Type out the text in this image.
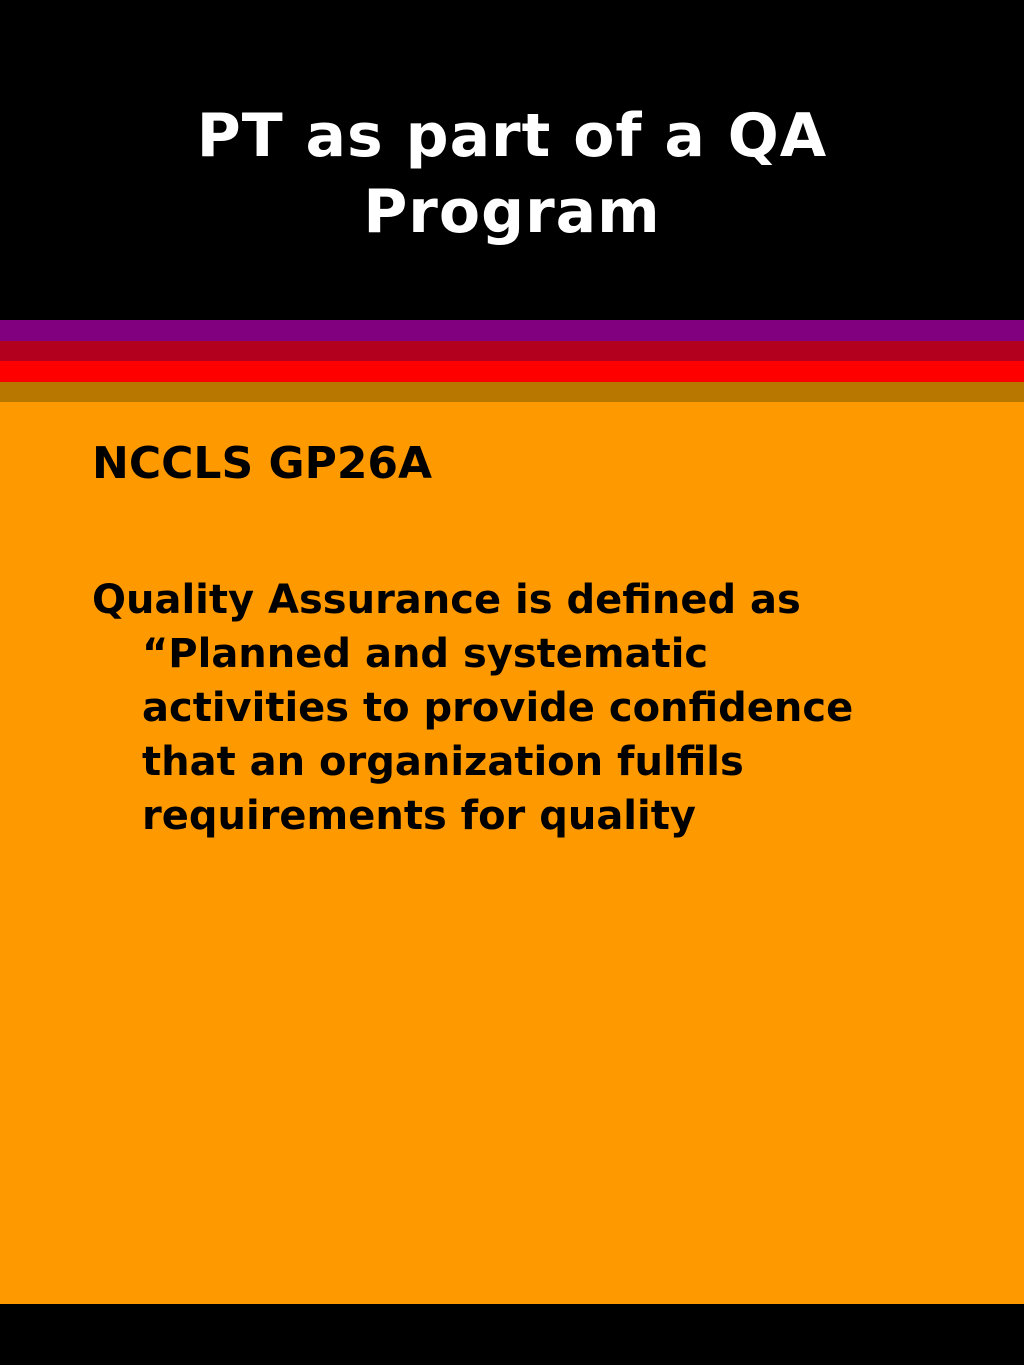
PT as part of a QA
Program
NCCLS GP26A

Quality Assurance is defined as
“Planned and systematic
activities to provide confidence
that an organization fulfils
requirements for quality
